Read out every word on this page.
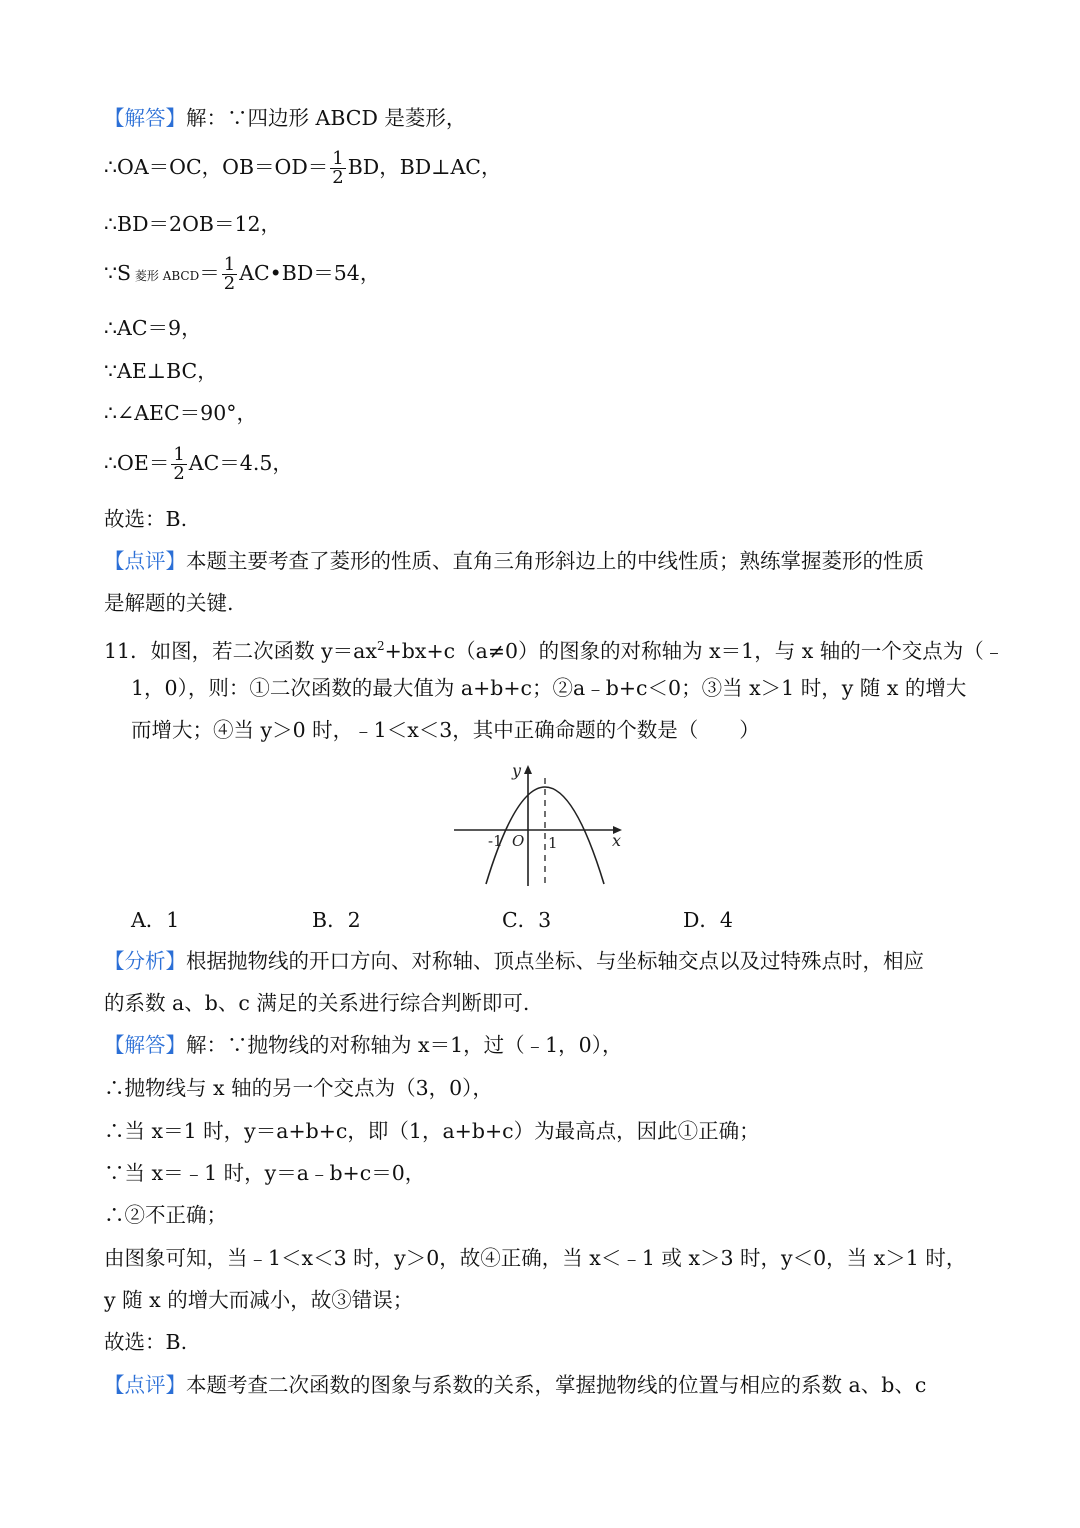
【解答】解：∵四边形 ABCD 是菱形，
∴OA＝OC，$OB=OD= \frac{1}{2}$ BD，BD⊥AC，
∴BD＝2OB＝12，
∵S 菱形 ABCD＝ $\frac{1}{2}$ AC•BD＝54，
∴AC＝9，
∵AE⊥BC，
∴∠AEC＝90°，
∴OE＝ $\frac{1}{2} AC=4.5$，
故选：B.
【点评】本题主要考查了菱形的性质、直角三角形斜边上的中线性质；熟练掌握菱形的性质
是解题的关键.
11．如图，若二次函数 $y=ax^2+bx+c(a\ne 0)$的图象的对称轴为 x＝1，与 x 轴的一个交点为（﹣
1，0），则：①二次函数的最大值为 a+b+c；②a﹣b+c＜0；③当 x＞1 时，y 随 x 的增大
而增大；④当 y＞0 时，﹣1＜x＜3，其中正确命题的个数是（　　）
y
x
O
-1	1
A．1	B．2	C．3	D．4
【分析】根据抛物线的开口方向、对称轴、顶点坐标、与坐标轴交点以及过特殊点时，相应
的系数 a、b、c 满足的关系进行综合判断即可.
【解答】解：∵抛物线的对称轴为 x＝1，过（﹣1，0），
∴抛物线与 x 轴的另一个交点为（3，0），
∴当 x＝1 时，y＝a+b+c，即（1，a+b+c）为最高点，因此①正确；
∵当 x＝﹣1 时，y＝a﹣b+c＝0，
∴②不正确；
由图象可知，当﹣1＜x＜3 时，y＞0，故④正确，当 x＜﹣1 或 x＞3 时，y＜0，当 x＞1 时，
y 随 x 的增大而减小，故③错误；
故选：B.
【点评】本题考查二次函数的图象与系数的关系，掌握抛物线的位置与相应的系数 a、b、c
